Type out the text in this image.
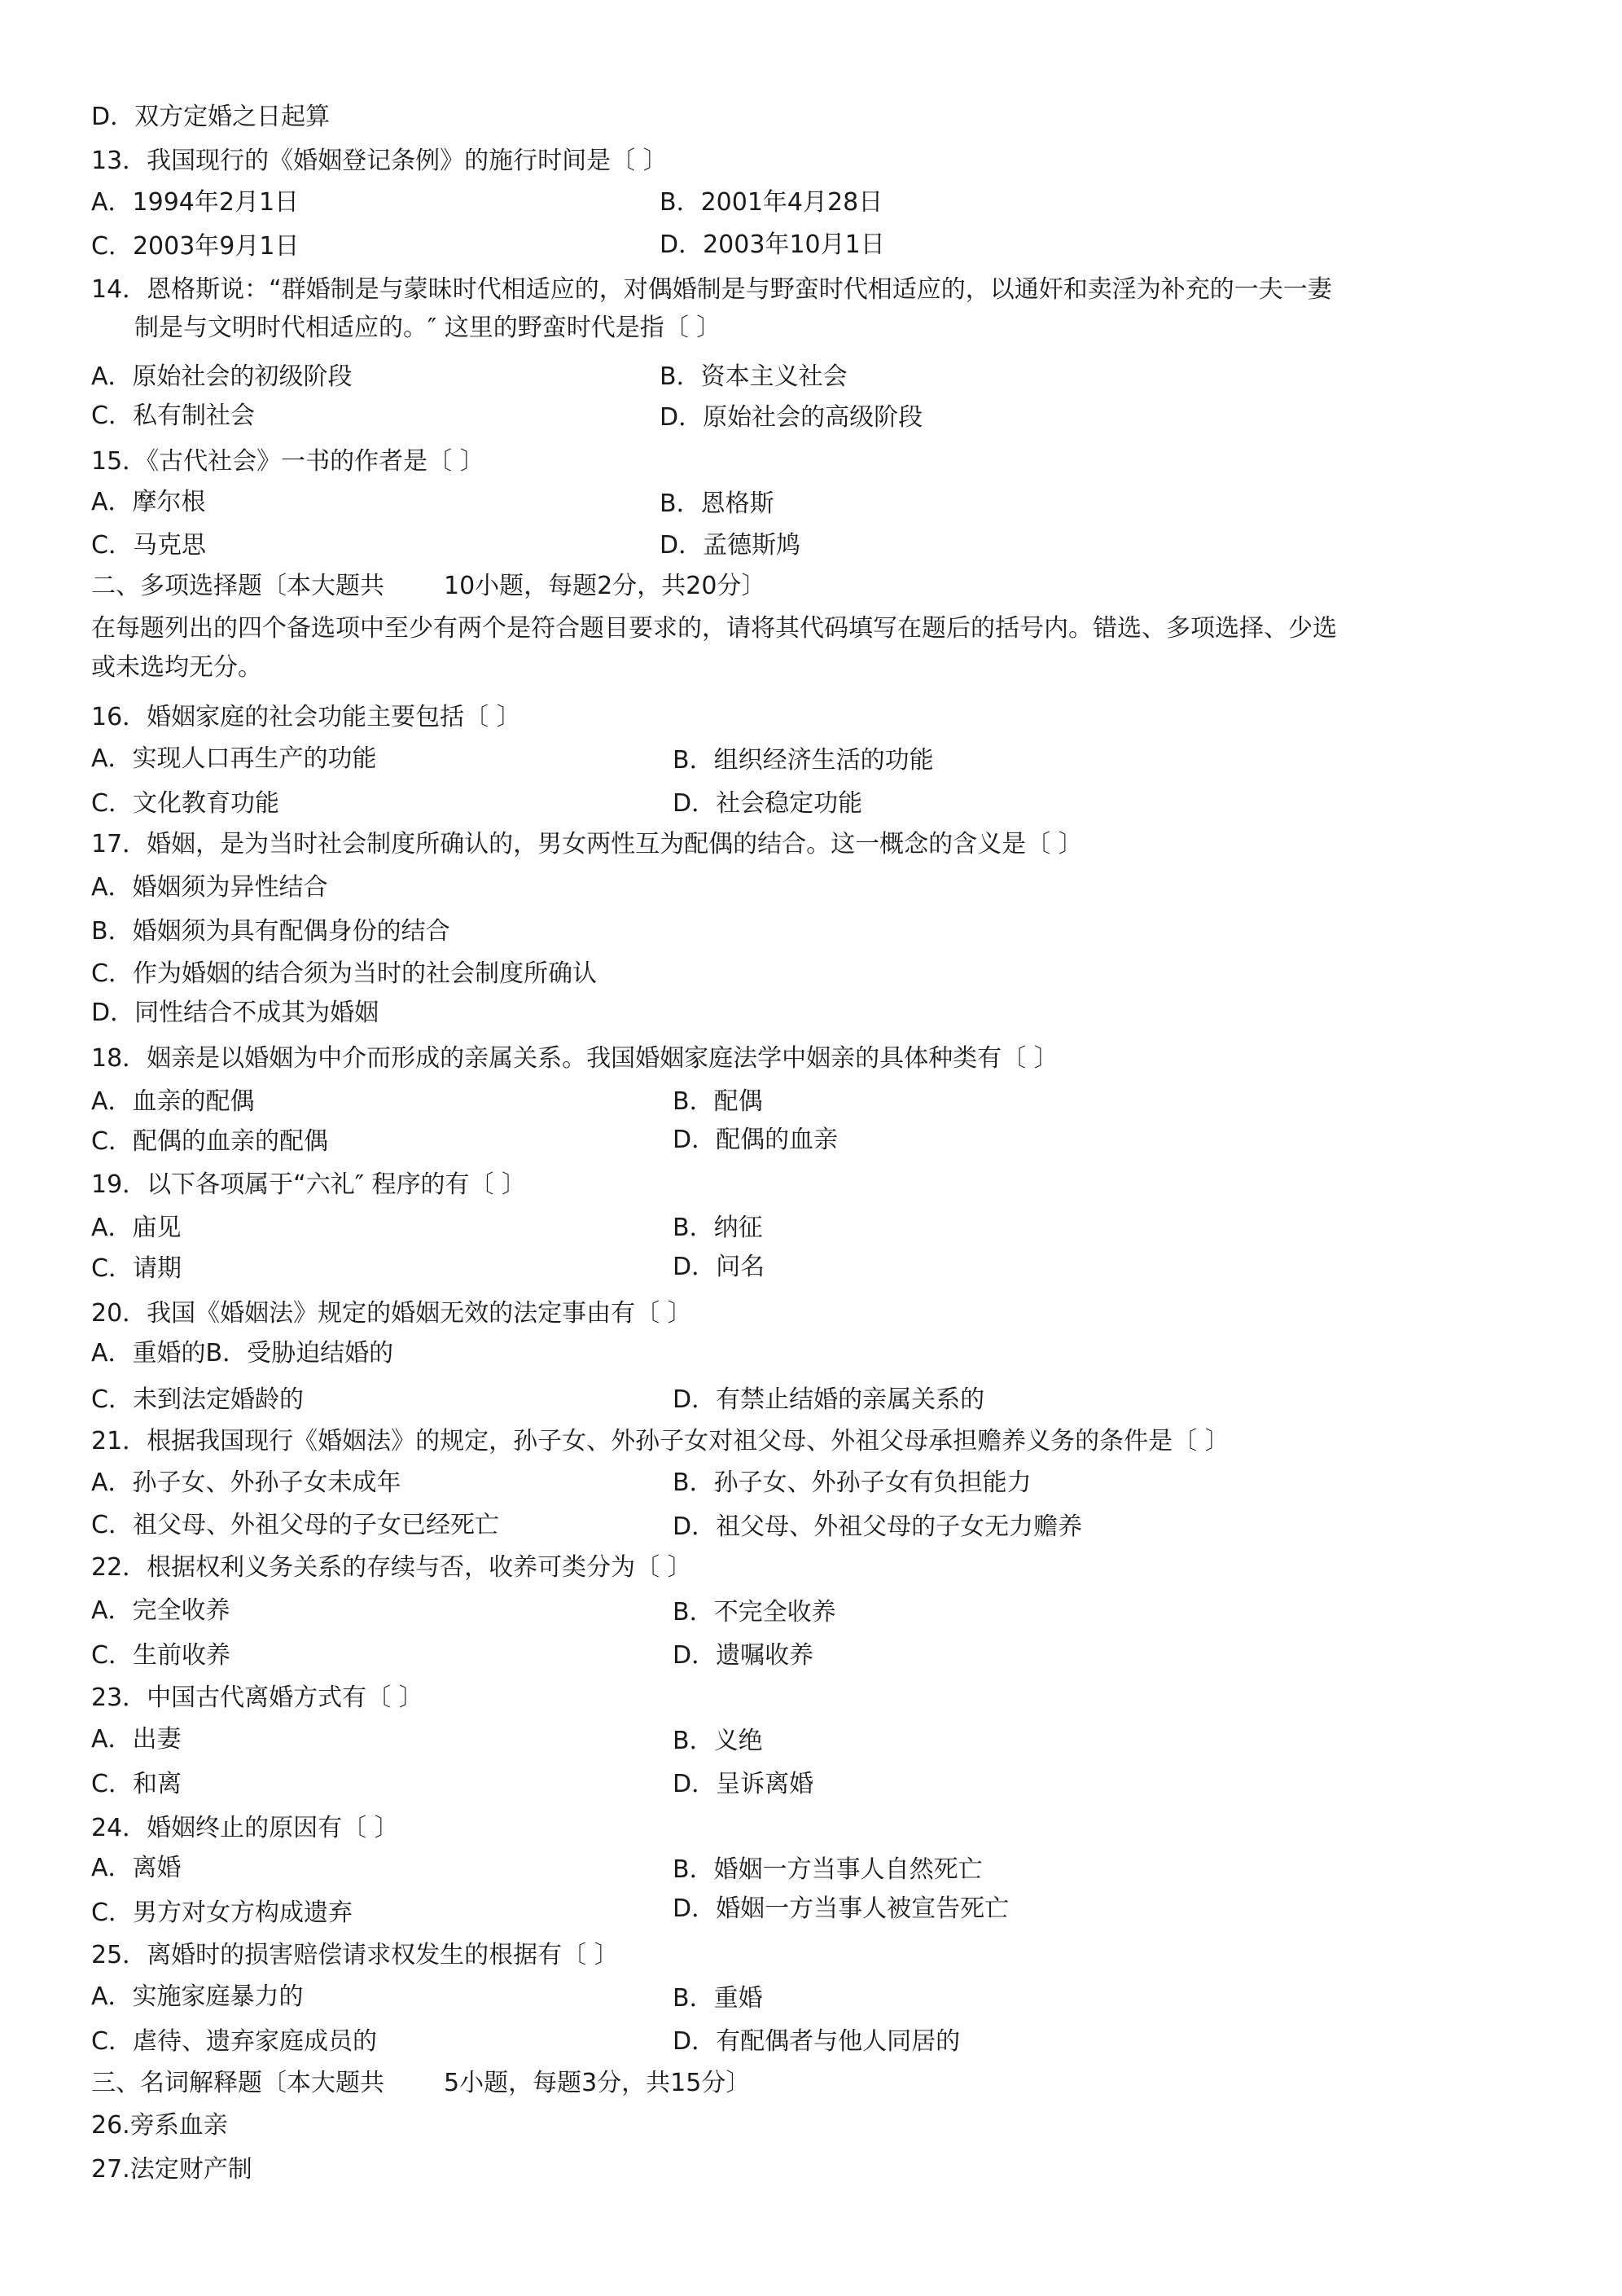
D．双方定婚之日起算
13．我国现行的《婚姻登记条例》的施行时间是〔 〕
A．1994年2月1日	B．2001年4月28日
C．2003年9月1日	D．2003年10月1日
14．恩格斯说：“群婚制是与蒙昧时代相适应的，对偶婚制是与野蛮时代相适应的，以通奸和卖淫为补充的一夫一妻
制是与文明时代相适应的。″ 这里的野蛮时代是指〔 〕
A．原始社会的初级阶段	B．资本主义社会
C．私有制社会	D．原始社会的高级阶段
15．《古代社会》一书的作者是〔 〕
A．摩尔根	B．恩格斯
C．马克思	D．孟德斯鸠
二、多项选择题〔本大题共 10小题，每题2分，共20分〕
在每题列出的四个备选项中至少有两个是符合题目要求的，请将其代码填写在题后的括号内。错选、多项选择、少选
或未选均无分。
16．婚姻家庭的社会功能主要包括〔 〕
A．实现人口再生产的功能	B．组织经济生活的功能
C．文化教育功能	D．社会稳定功能
17．婚姻，是为当时社会制度所确认的，男女两性互为配偶的结合。这一概念的含义是〔 〕
A．婚姻须为异性结合
B．婚姻须为具有配偶身份的结合
C．作为婚姻的结合须为当时的社会制度所确认
D．同性结合不成其为婚姻
18．姻亲是以婚姻为中介而形成的亲属关系。我国婚姻家庭法学中姻亲的具体种类有〔 〕
A．血亲的配偶	B．配偶
C．配偶的血亲的配偶	D．配偶的血亲
19．以下各项属于“六礼″ 程序的有〔 〕
A．庙见	B．纳征
C．请期	D．问名
20．我国《婚姻法》规定的婚姻无效的法定事由有〔 〕
A．重婚的B．受胁迫结婚的
C．未到法定婚龄的	D．有禁止结婚的亲属关系的
21．根据我国现行《婚姻法》的规定，孙子女、外孙子女对祖父母、外祖父母承担赡养义务的条件是〔 〕
A．孙子女、外孙子女未成年	B．孙子女、外孙子女有负担能力
C．祖父母、外祖父母的子女已经死亡	D．祖父母、外祖父母的子女无力赡养
22．根据权利义务关系的存续与否，收养可类分为〔 〕
A．完全收养	B．不完全收养
C．生前收养	D．遗嘱收养
23．中国古代离婚方式有〔 〕
A．出妻	B．义绝
C．和离	D．呈诉离婚
24．婚姻终止的原因有〔 〕
A．离婚	B．婚姻一方当事人自然死亡
C．男方对女方构成遗弃	D．婚姻一方当事人被宣告死亡
25．离婚时的损害赔偿请求权发生的根据有〔 〕
A．实施家庭暴力的	B．重婚
C．虐待、遗弃家庭成员的	D．有配偶者与他人同居的
三、名词解释题〔本大题共 5小题，每题3分，共15分〕
26.旁系血亲
27.法定财产制
